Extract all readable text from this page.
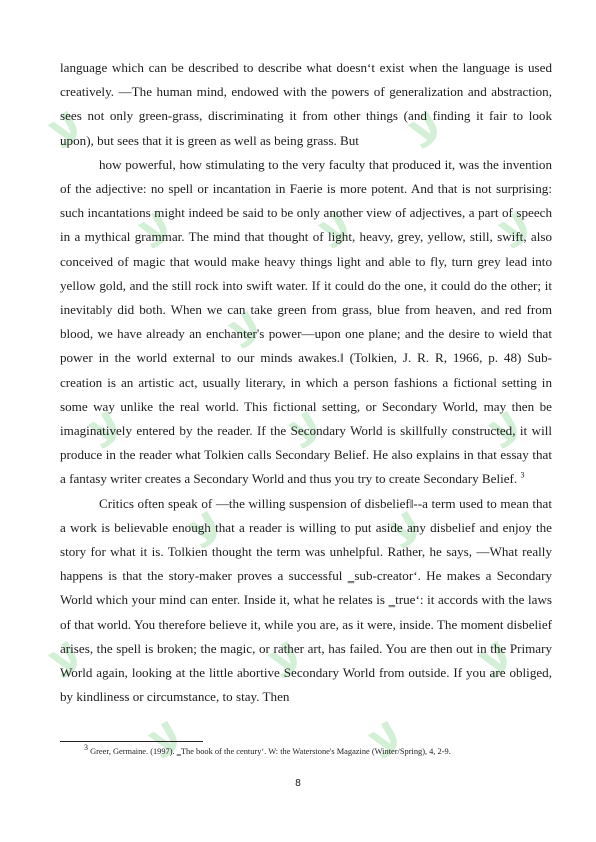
ﻻ
ﻻ
ﻻ
ﻻ
ﻻ
ﻻ
ﻻ
ﻻ
ﻻ
ﻻ
ﻻ
ﻻ
ﻻ
ﻻ
ﻻ
ﻻ

language which can be described to describe what doesn‘t exist when the language is used creatively. ―The human mind, endowed with the powers of generalization and abstraction, sees not only green-grass, discriminating it from other things (and finding it fair to look upon), but sees that it is green as well as being grass. But

how powerful, how stimulating to the very faculty that produced it, was the invention of the adjective: no spell or incantation in Faerie is more potent. And that is not surprising: such incantations might indeed be said to be only another view of adjectives, a part of speech in a mythical grammar. The mind that thought of light, heavy, grey, yellow, still, swift, also conceived of magic that would make heavy things light and able to fly, turn grey lead into yellow gold, and the still rock into swift water. If it could do the one, it could do the other; it inevitably did both. When we can take green from grass, blue from heaven, and red from blood, we have already an enchanter's power—upon one plane; and the desire to wield that power in the world external to our minds awakes.‖ (Tolkien, J. R. R, 1966, p. 48) Sub-creation is an artistic act, usually literary, in which a person fashions a fictional setting in some way unlike the real world. This fictional setting, or Secondary World, may then be imaginatively entered by the reader. If the Secondary World is skillfully constructed, it will produce in the reader what Tolkien calls Secondary Belief. He also explains in that essay that a fantasy writer creates a Secondary World and thus you try to create Secondary Belief. $^3$

Critics often speak of ―the willing suspension of disbelief‖--a term used to mean that a work is believable enough that a reader is willing to put aside any disbelief and enjoy the story for what it is. Tolkien thought the term was unhelpful. Rather, he says, ―What really happens is that the story-maker proves a successful ‗sub-creator‘. He makes a Secondary World which your mind can enter. Inside it, what he relates is ‗true‘: it accords with the laws of that world. You therefore believe it, while you are, as it were, inside. The moment disbelief arises, the spell is broken; the magic, or rather art, has failed. You are then out in the Primary World again, looking at the little abortive Secondary World from outside. If you are obliged, by kindliness or circumstance, to stay. Then

$^3$ Greer, Germaine. (1997). ‗The book of the century‘. W: the Waterstone's Magazine (Winter/Spring), 4, 2-9.
8
